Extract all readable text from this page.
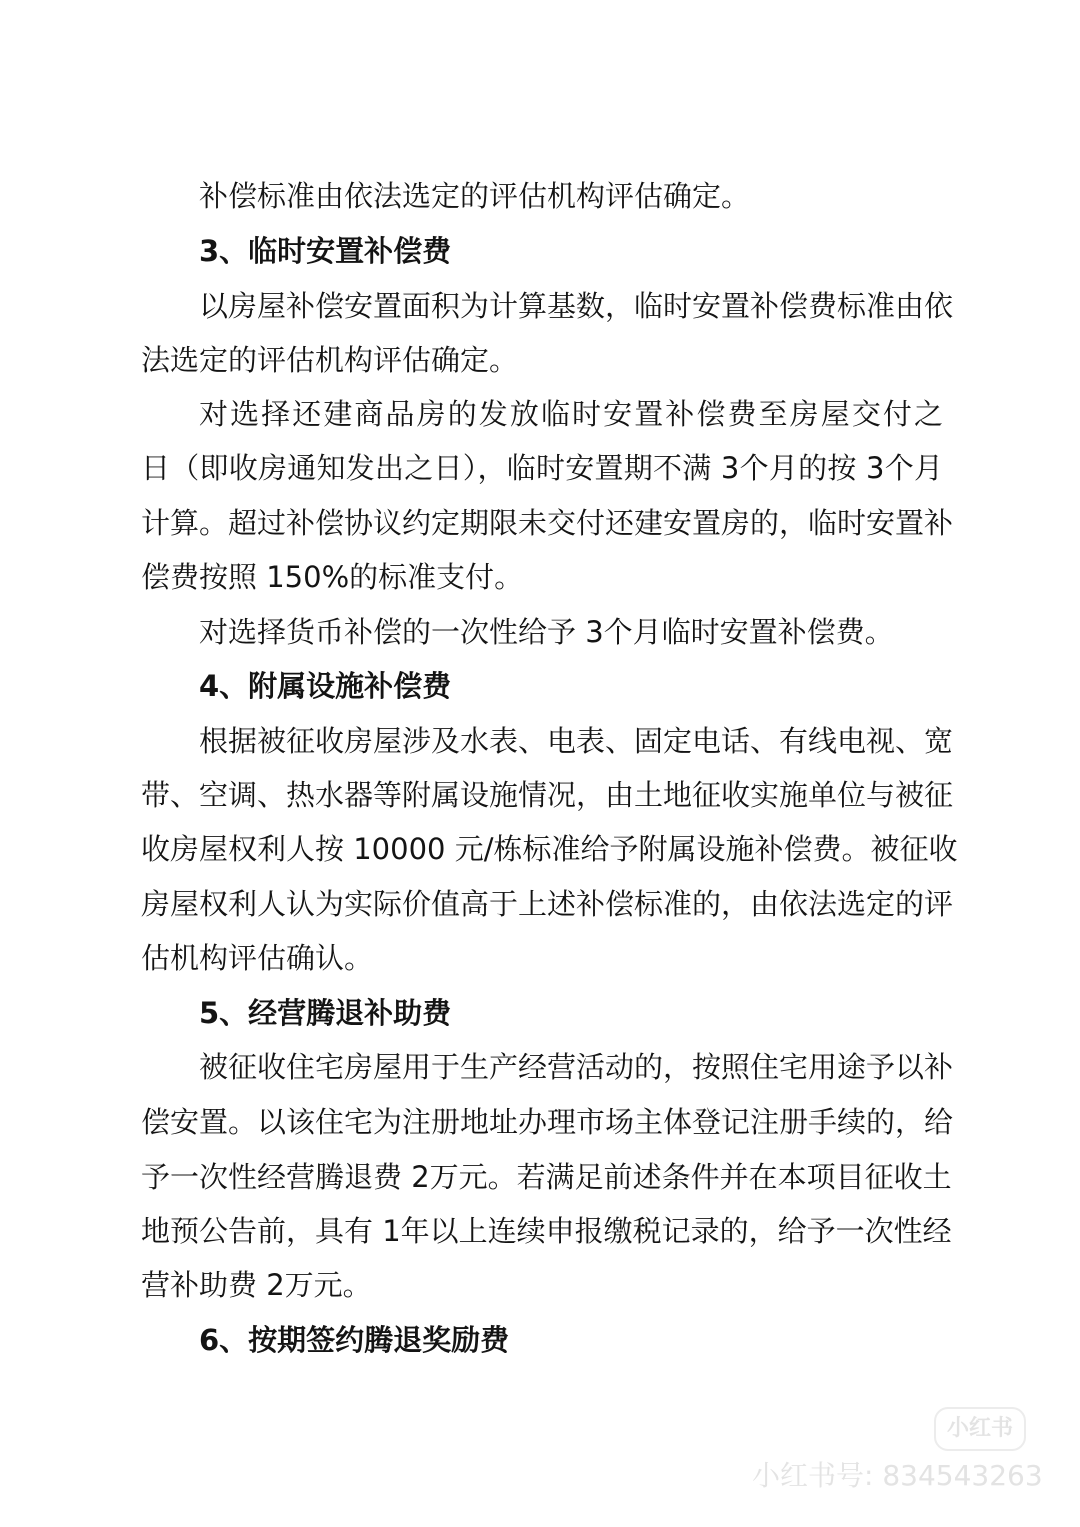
补偿标准由依法选定的评估机构评估确定。
3、临时安置补偿费
以房屋补偿安置面积为计算基数，临时安置补偿费标准由依
法选定的评估机构评估确定。
对选择还建商品房的发放临时安置补偿费至房屋交付之
日（即收房通知发出之日），临时安置期不满 3个月的按 3个月
计算。超过补偿协议约定期限未交付还建安置房的，临时安置补
偿费按照 150%的标准支付。
对选择货币补偿的一次性给予 3个月临时安置补偿费。
4、附属设施补偿费
根据被征收房屋涉及水表、电表、固定电话、有线电视、宽
带、空调、热水器等附属设施情况，由土地征收实施单位与被征
收房屋权利人按 10000 元/栋标准给予附属设施补偿费。被征收
房屋权利人认为实际价值高于上述补偿标准的，由依法选定的评
估机构评估确认。
5、经营腾退补助费
被征收住宅房屋用于生产经营活动的，按照住宅用途予以补
偿安置。以该住宅为注册地址办理市场主体登记注册手续的，给
予一次性经营腾退费 2万元。若满足前述条件并在本项目征收土
地预公告前，具有 1年以上连续申报缴税记录的，给予一次性经
营补助费 2万元。
6、按期签约腾退奖励费
小红书
小红书号: 834543263
